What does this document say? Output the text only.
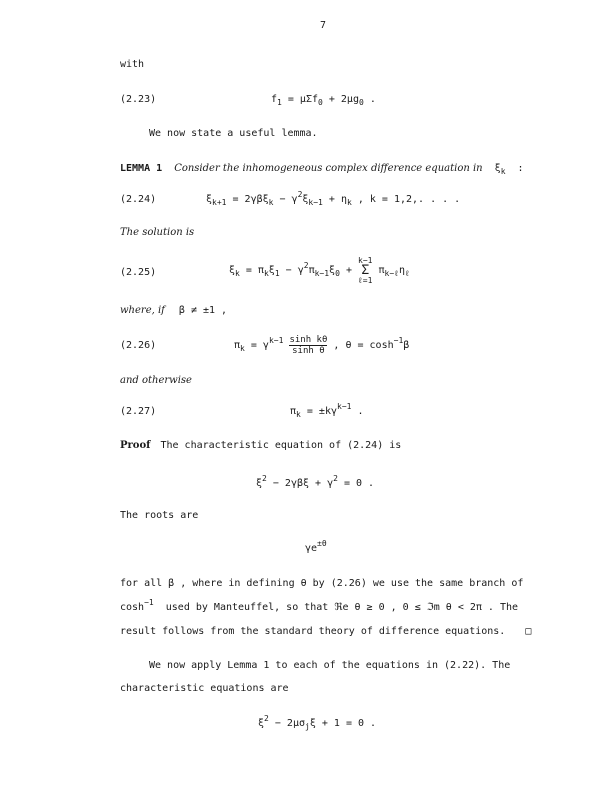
7
with
(2.23)	$f_1 = \mu\Sigma f_0 + 2\mu g_0$ .
We now state a useful lemma.
LEMMA 1 Consider the inhomogeneous complex difference equation in $\xi_k$ :
(2.24)	$\xi_{k+1} = 2\gamma\beta\xi_k - \gamma^2\xi_{k-1} + \eta_k$ , k = 1,2,. . . .
The solution is
(2.25)	$\xi_k = \pi_k\xi_1 - \gamma^2\pi_{k-1}\xi_0$ +
k−1
Σ
ℓ=1
$\pi_{k-\ell}\eta_\ell$
where, if β ≠ ±1 ,
(2.26)	$\pi_k = \gamma^{k-1} \frac{\text{sinh kθ}}{\text{sinh θ}}$ , $\theta = \cosh^{-1}\beta$
and otherwise
(2.27)	$\pi_k = \pm k\gamma^{k-1}$ .
Proof The characteristic equation of (2.24) is
$\xi^2 - 2\gamma\beta\xi + \gamma^2 = 0$ .
The roots are
$\gamma e^{\pm\theta}$
for all β , where in defining θ by (2.26) we use the same branch of
$\cosh^{-1}$ used by Manteuffel, so that ℜe θ ≥ 0 , 0 ≤ ℑm θ < 2π . The
result follows from the standard theory of difference equations. □
We now apply Lemma 1 to each of the equations in (2.22). The
characteristic equations are
$\xi^2 - 2\mu\sigma_j\xi + 1 = 0$ .
